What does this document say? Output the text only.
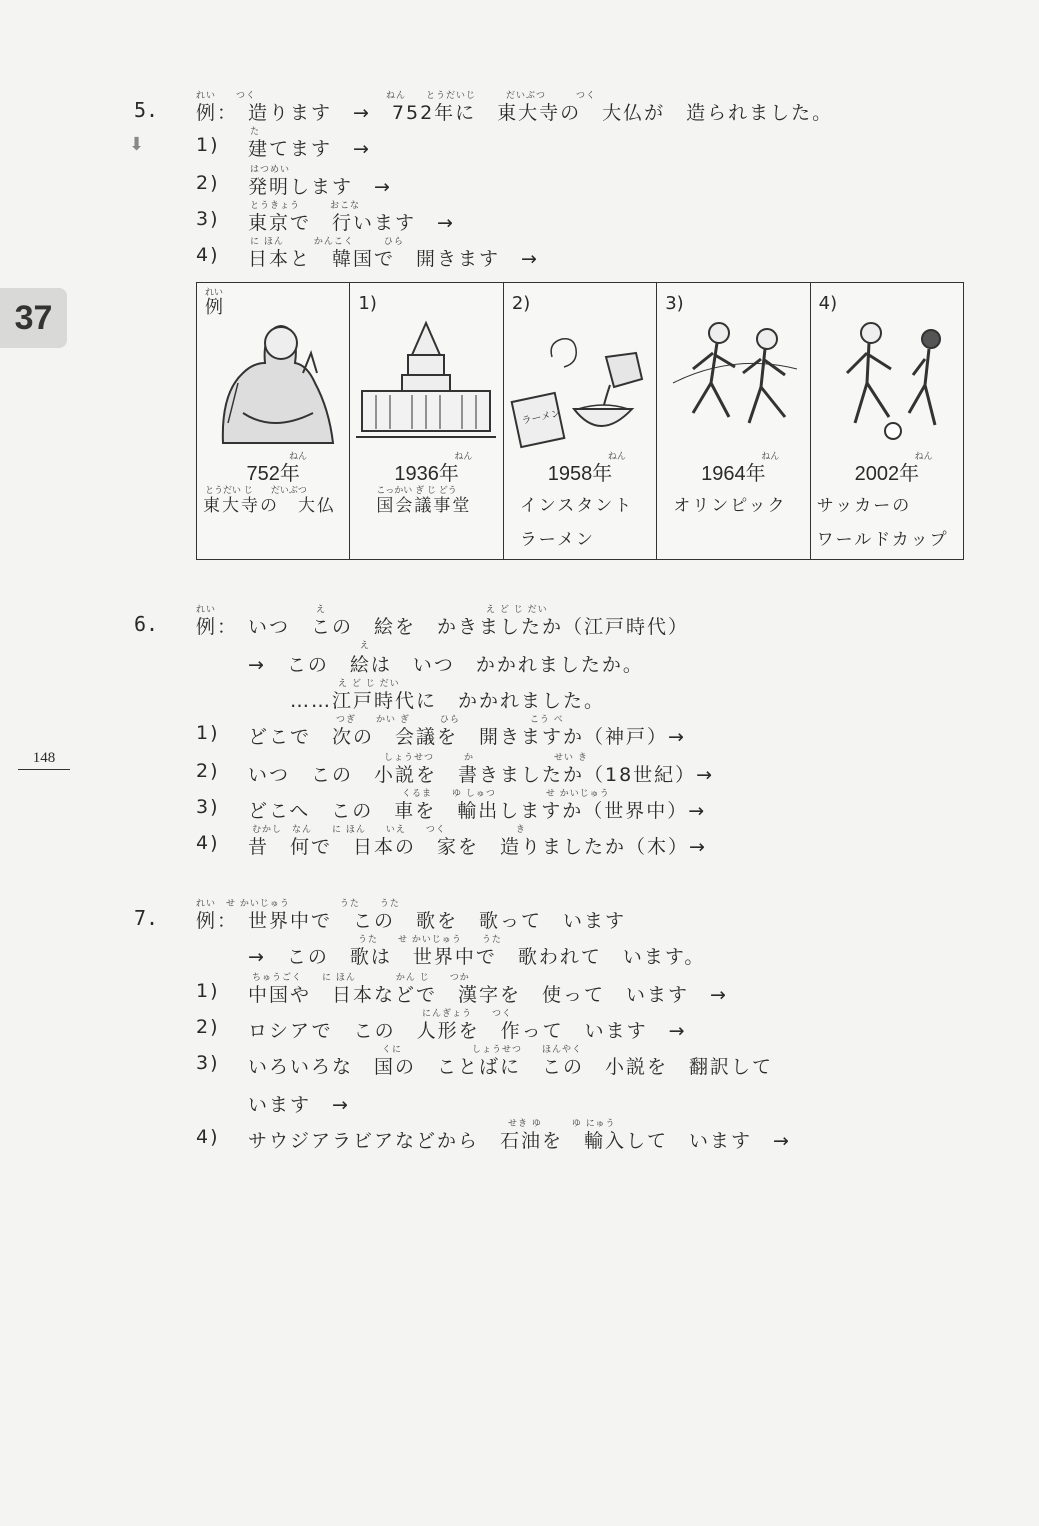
37
148
⬇
5.
れい　　つく　　　　　　　　　　　　　ねん　　とうだいじ　　　だいぶつ　　　つく
例： 造ります　→　752年に　東大寺の　大仏が　造られました。
1)
た
建てます　→
2)
はつめい
発明します　→
3)
とうきょう　　　おこな
東京で　行います　→
4)
に ほん　　　かんこく　　　ひら
日本と　韓国で　開きます　→
れい
例
ねん
752年
とうだい じ　　だいぶつ
東大寺の　大仏
1)
ねん
1936年
こっかい ぎ じ どう
国会議事堂
2)
ラーメン
ねん
1958年
インスタント
ラーメン
3)
ねん
1964年
オリンピック
4)
ねん
2002年
サッカーの
ワールドカップ
6.
れい　　　　　　　　　　え　　　　　　　　　　　　　　　　え ど じ だい
例： いつ　この　絵を　かきましたか（江戸時代）
え
→　この　絵は　いつ　かかれましたか。
え ど じ だい
……江戸時代に　かかれました。
1)
つぎ　　かい ぎ　　　ひら　　　　　　　こう べ
どこで　次の　会議を　開きますか（神戸）→
2)
しょうせつ　　　か　　　　　　　　せい き
いつ　この　小説を　書きましたか（18世紀）→
3)
くるま　　ゆ しゅつ　　　　　せ かいじゅう
どこへ　この　車を　輸出しますか（世界中）→
4)
むかし　なん　　に ほん　　いえ　　つく　　　　　　　き
昔　何で　日本の　家を　造りましたか（木）→
7.
れい　せ かいじゅう　　　　　うた　　うた
例： 世界中で　この　歌を　歌って　います
うた　　せ かいじゅう　　うた
→　この　歌は　世界中で　歌われて　います。
1)
ちゅうごく　　に ほん　　　　かん じ　　つか
中国や　日本などで　漢字を　使って　います　→
2)
にんぎょう　　つく
ロシアで　この　人形を　作って　います　→
3)
くに　　　　　　　しょうせつ　　ほんやく
いろいろな　国の　ことばに　この　小説を　翻訳して
います　→
4)
せき ゆ　　　ゆ にゅう
サウジアラビアなどから　石油を　輸入して　います　→
